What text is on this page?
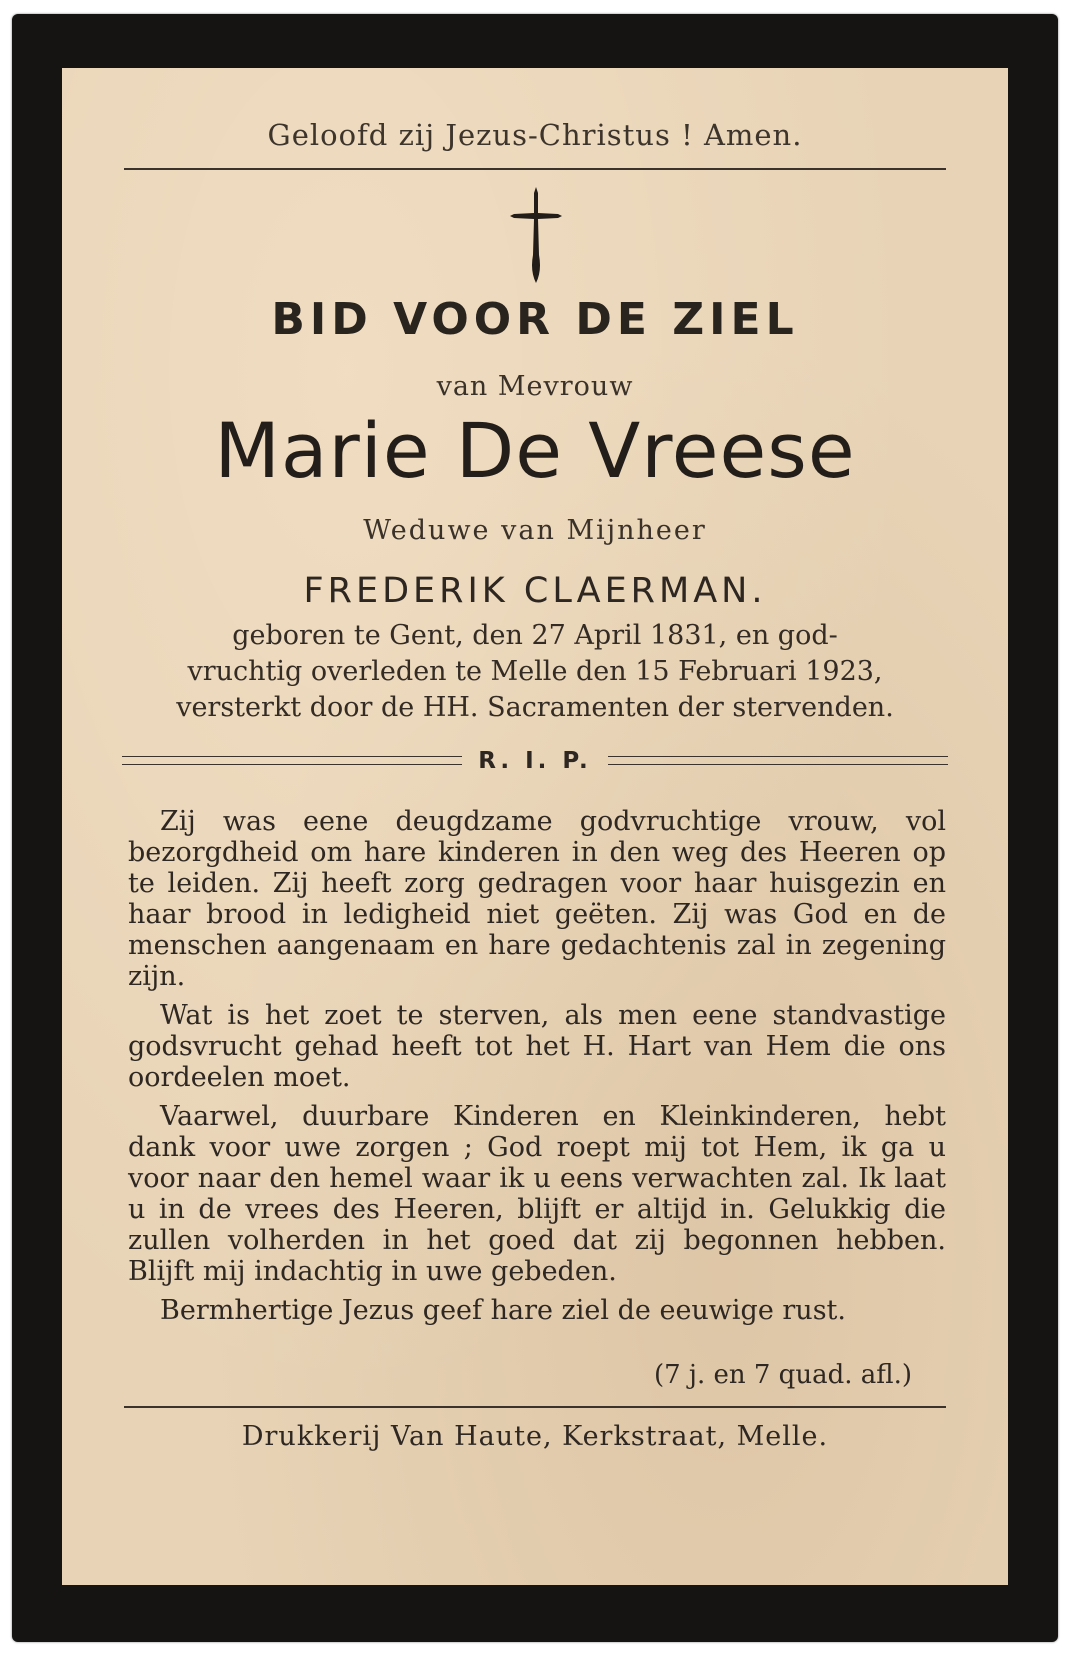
Geloofd zij Jezus-Christus ! Amen.
BID VOOR DE ZIEL
van Mevrouw
Marie De Vreese
Weduwe van Mijnheer
FREDERIK CLAERMAN.
geboren te Gent, den 27 April 1831, en god-
vruchtig overleden te Melle den 15 Februari 1923,
versterkt door de HH. Sacramenten der stervenden.
R. I. P.

Zij was eene deugdzame godvruchtige vrouw, vol bezorgdheid om hare kinderen in den weg des Heeren op te leiden. Zij heeft zorg gedragen voor haar huisgezin en haar brood in ledigheid niet geëten. Zij was God en de menschen aangenaam en hare gedachtenis zal in zegening zijn.

Wat is het zoet te sterven, als men eene standvastige godsvrucht gehad heeft tot het H. Hart van Hem die ons oordeelen moet.

Vaarwel, duurbare Kinderen en Kleinkinderen, hebt dank voor uwe zorgen ; God roept mij tot Hem, ik ga u voor naar den hemel waar ik u eens verwachten zal. Ik laat u in de vrees des Heeren, blijft er altijd in. Gelukkig die zullen volherden in het goed dat zij begonnen hebben. Blijft mij indachtig in uwe gebeden.

Bermhertige Jezus geef hare ziel de eeuwige rust.

(7 j. en 7 quad. afl.)
Drukkerij Van Haute, Kerkstraat, Melle.
